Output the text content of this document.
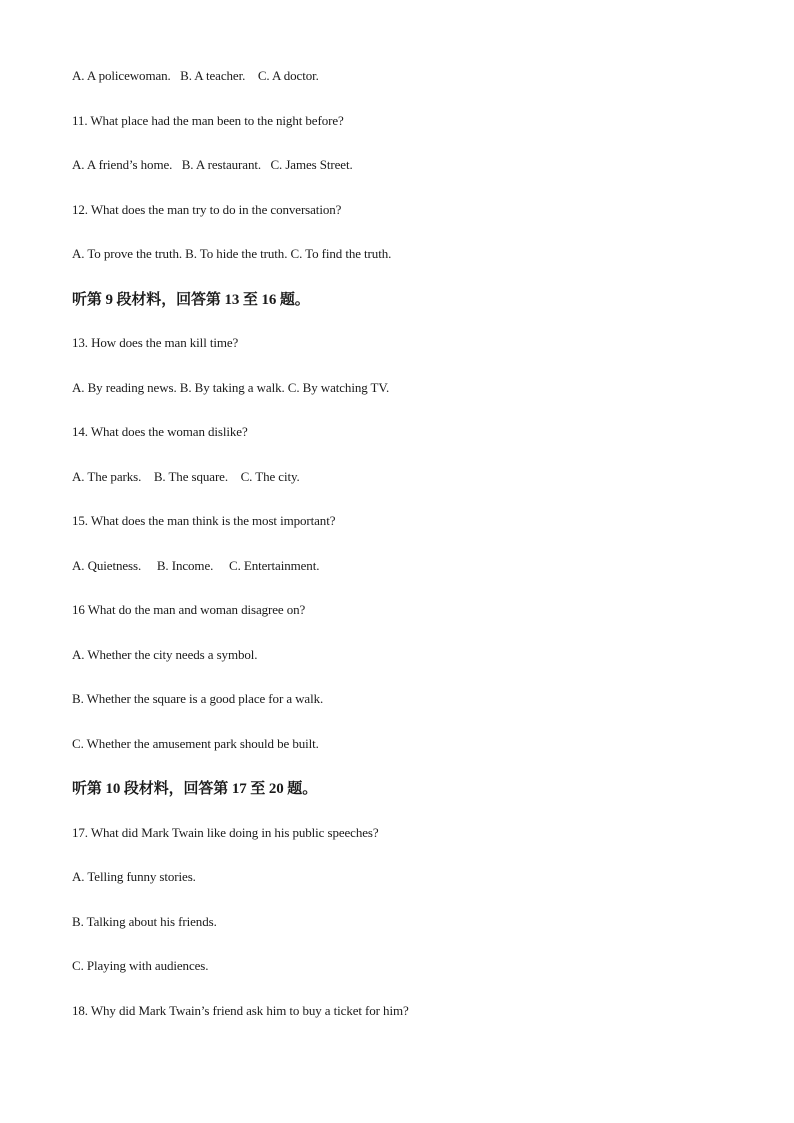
A. A policewoman.   B. A teacher.    C. A doctor.
11. What place had the man been to the night before?
A. A friend’s home.   B. A restaurant.   C. James Street.
12. What does the man try to do in the conversation?
A. To prove the truth. B. To hide the truth. C. To find the truth.
听第 9 段材料，回答第 13 至 16 题。
13. How does the man kill time?
A. By reading news. B. By taking a walk. C. By watching TV.
14. What does the woman dislike?
A. The parks.    B. The square.    C. The city.
15. What does the man think is the most important?
A. Quietness.     B. Income.     C. Entertainment.
16 What do the man and woman disagree on?
A. Whether the city needs a symbol.
B. Whether the square is a good place for a walk.
C. Whether the amusement park should be built.
听第 10 段材料，回答第 17 至 20 题。
17. What did Mark Twain like doing in his public speeches?
A. Telling funny stories.
B. Talking about his friends.
C. Playing with audiences.
18. Why did Mark Twain’s friend ask him to buy a ticket for him?
